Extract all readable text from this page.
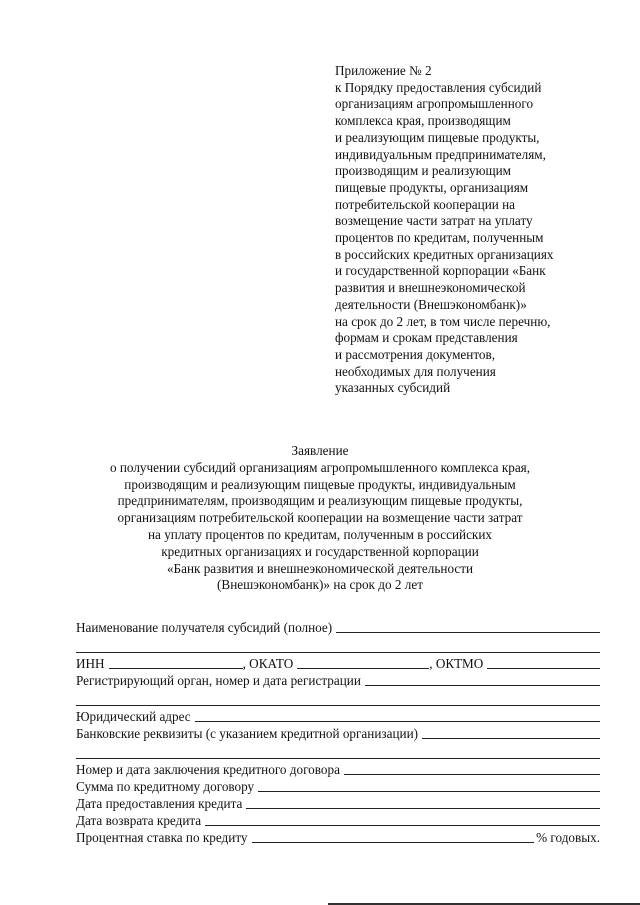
Приложение № 2
к Порядку предоставления субсидий
организациям агропромышленного
комплекса края, производящим
и реализующим пищевые продукты,
индивидуальным предпринимателям,
производящим и реализующим
пищевые продукты, организациям
потребительской кооперации на
возмещение части затрат на уплату
процентов по кредитам, полученным
в российских кредитных организациях
и государственной корпорации «Банк
развития и внешнеэкономической
деятельности (Внешэкономбанк)»
на срок до 2 лет, в том числе перечню,
формам и срокам представления
и рассмотрения документов,
необходимых для получения
указанных субсидий
Заявление
о получении субсидий организациям агропромышленного комплекса края,
производящим и реализующим пищевые продукты, индивидуальным
предпринимателям, производящим и реализующим пищевые продукты,
организациям потребительской кооперации на возмещение части затрат
на уплату процентов по кредитам, полученным в российских
кредитных организациях и государственной корпорации
«Банк развития и внешнеэкономической деятельности
(Внешэкономбанк)» на срок до 2 лет
Наименование получателя субсидий (полное)
ИНН	, ОКАТО	, ОКТМО
Регистрирующий орган, номер и дата регистрации
Юридический адрес
Банковские реквизиты (с указанием кредитной организации)
Номер и дата заключения кредитного договора
Сумма по кредитному договору
Дата предоставления кредита
Дата возврата кредита
Процентная ставка по кредиту	% годовых.
